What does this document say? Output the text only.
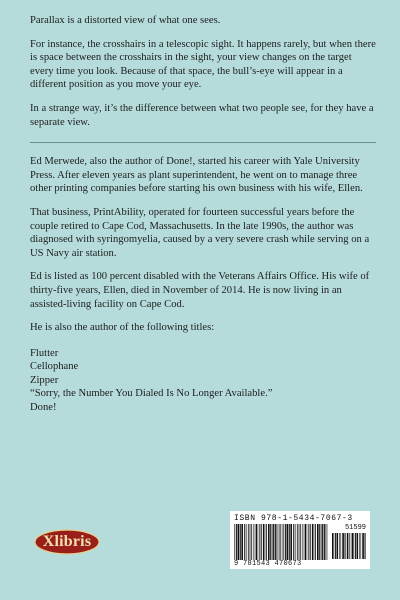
Parallax is a distorted view of what one sees.

For instance, the crosshairs in a telescopic sight. It happens rarely, but when there is space between the crosshairs in the sight, your view changes on the target every time you look. Because of that space, the bull’s-eye will appear in a different position as you move your eye.

In a strange way, it’s the difference between what two people see, for they have a separate view.

Ed Merwede, also the author of Done!, started his career with Yale University Press. After eleven years as plant superintendent, he went on to manage three other printing companies before starting his own business with his wife, Ellen.

That business, PrintAbility, operated for fourteen successful years before the couple retired to Cape Cod, Massachusetts. In the late 1990s, the author was diagnosed with syringomyelia, caused by a very severe crash while serving on a US Navy air station.

Ed is listed as 100 percent disabled with the Veterans Affairs Office. His wife of thirty-five years, Ellen, died in November of 2014. He is now living in an assisted-living facility on Cape Cod.

He is also the author of the following titles:

Flutter
Cellophane
Zipper
“Sorry, the Number You Dialed Is No Longer Available.”
Done!
Xlibris
ISBN 978-1-5434-7067-3
51599
9 781543 470673
